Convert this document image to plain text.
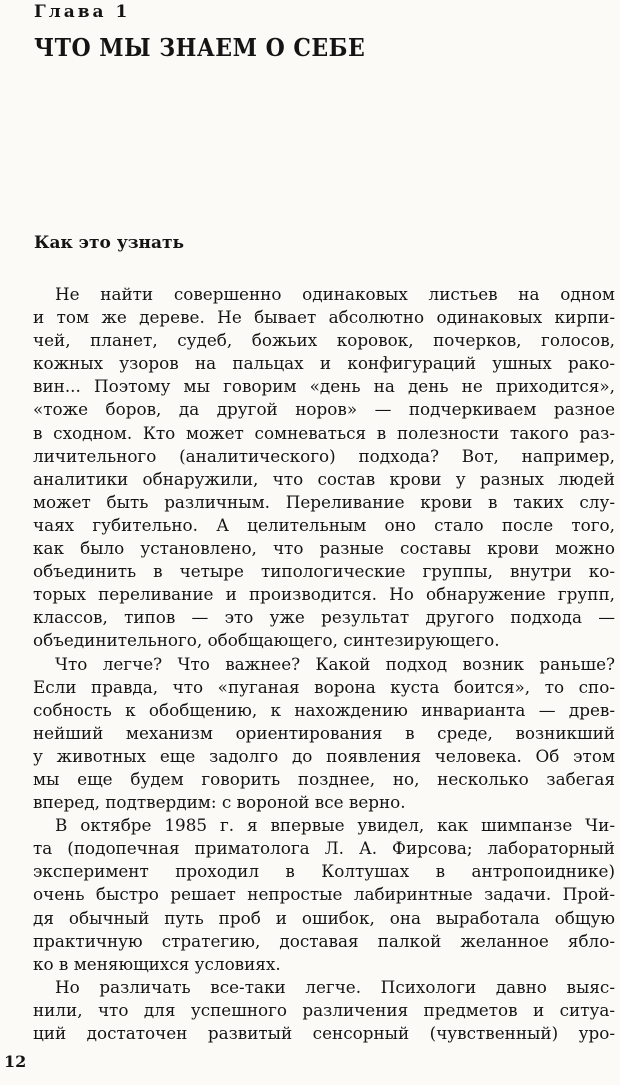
Глава 1
ЧТО МЫ ЗНАЕМ О СЕБЕ
Как это узнать
Не найти совершенно одинаковых листьев на одном
и том же дереве. Не бывает абсолютно одинаковых кирпи-
чей, планет, судеб, божьих коровок, почерков, голосов,
кожных узоров на пальцах и конфигураций ушных рако-
вин... Поэтому мы говорим «день на день не приходится»,
«тоже боров, да другой норов» — подчеркиваем разное
в сходном. Кто может сомневаться в полезности такого раз-
личительного (аналитического) подхода? Вот, например,
аналитики обнаружили, что состав крови у разных людей
может быть различным. Переливание крови в таких слу-
чаях губительно. А целительным оно стало после того,
как было установлено, что разные составы крови можно
объединить в четыре типологические группы, внутри ко-
торых переливание и производится. Но обнаружение групп,
классов, типов — это уже результат другого подхода —
объединительного, обобщающего, синтезирующего.
Что легче? Что важнее? Какой подход возник раньше?
Если правда, что «пуганая ворона куста боится», то спо-
собность к обобщению, к нахождению инварианта — древ-
нейший механизм ориентирования в среде, возникший
у животных еще задолго до появления человека. Об этом
мы еще будем говорить позднее, но, несколько забегая
вперед, подтвердим: с вороной все верно.
В октябре 1985 г. я впервые увидел, как шимпанзе Чи-
та (подопечная приматолога Л. А. Фирсова; лабораторный
эксперимент проходил в Колтушах в антропоиднике)
очень быстро решает непростые лабиринтные задачи. Прой-
дя обычный путь проб и ошибок, она выработала общую
практичную стратегию, доставая палкой желанное ябло-
ко в меняющихся условиях.
Но различать все-таки легче. Психологи давно выяс-
нили, что для успешного различения предметов и ситуа-
ций достаточен развитый сенсорный (чувственный) уро-
12
